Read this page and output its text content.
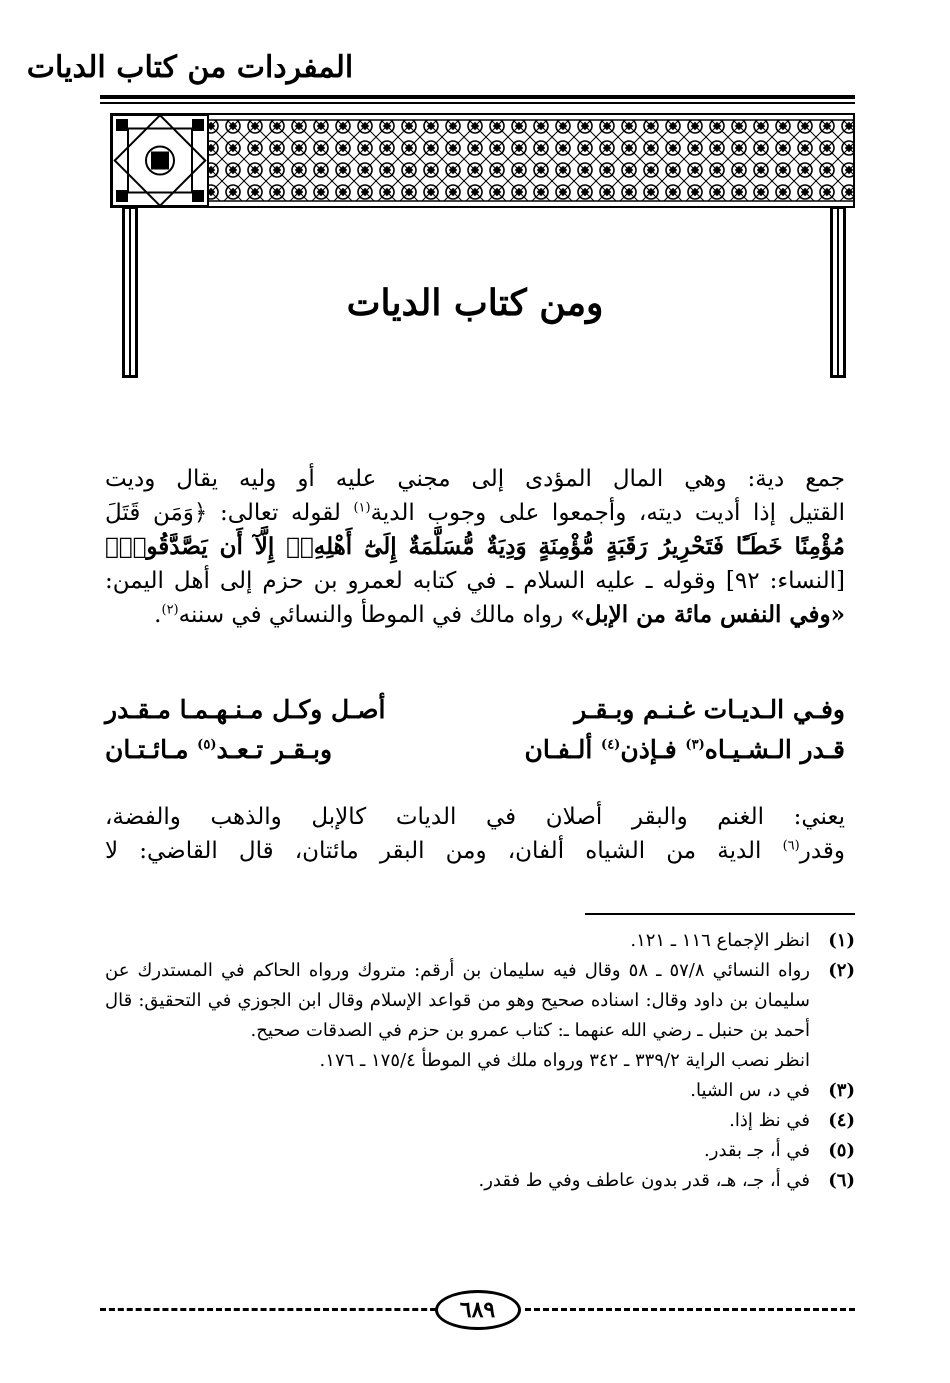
المفردات من كتاب الديات
ومن كتاب الديات
جمع دية: وهي المال المؤدى إلى مجني عليه أو وليه يقال وديت
القتيل إذا أديت ديته، وأجمعوا على وجوب الدية$^{(١)}$ لقوله تعالى: ﴿وَمَن قَتَلَ
مُؤْمِنًا خَطَـًٔا فَتَحْرِيرُ رَقَبَةٍ مُّؤْمِنَةٍ وَدِيَةٌ مُّسَلَّمَةٌ إِلَىٰٓ أَهْلِهِۦٓ إِلَّآ أَن يَصَّدَّقُوا۟﴾
[النساء: ٩٢] وقوله ـ عليه السلام ـ في كتابه لعمرو بن حزم إلى أهل اليمن:
«وفي النفس مائة من الإبل» رواه مالك في الموطأ والنسائي في سننه$^{(٢)}$.
وفـي الـديـات غـنـم وبـقـر
أصـل وكـل مـنـهـمـا مـقـدر
قـدر الـشـيـاه$^{(٣)}$ فـإذن$^{(٤)}$ ألـفـان
وبـقـر تـعـد$^{(٥)}$ مـائـتـان
يعني: الغنم والبقر أصلان في الديات كالإبل والذهب والفضة،
وقدر$^{(٦)}$ الدية من الشياه ألفان، ومن البقر مائتان، قال القاضي: لا
(١)
انظر الإجماع ١١٦ ـ ١٢١.
(٢)
رواه النسائي ٥٧/٨ ـ ٥٨ وقال فيه سليمان بن أرقم: متروك ورواه الحاكم في المستدرك عن سليمان بن داود وقال: اسناده صحيح وهو من قواعد الإسلام وقال ابن الجوزي في التحقيق: قال أحمد بن حنبل ـ رضي الله عنهما ـ: كتاب عمرو بن حزم في الصدقات صحيح.
انظر نصب الراية ٣٣٩/٢ ـ ٣٤٢ ورواه ملك في الموطأ ١٧٥/٤ ـ ١٧٦.
(٣)
في د، س الشيا.
(٤)
في نظ إذا.
(٥)
في أ، جـ بقدر.
(٦)
في أ، جـ، هـ، قدر بدون عاطف وفي ط فقدر.
٦٨٩
